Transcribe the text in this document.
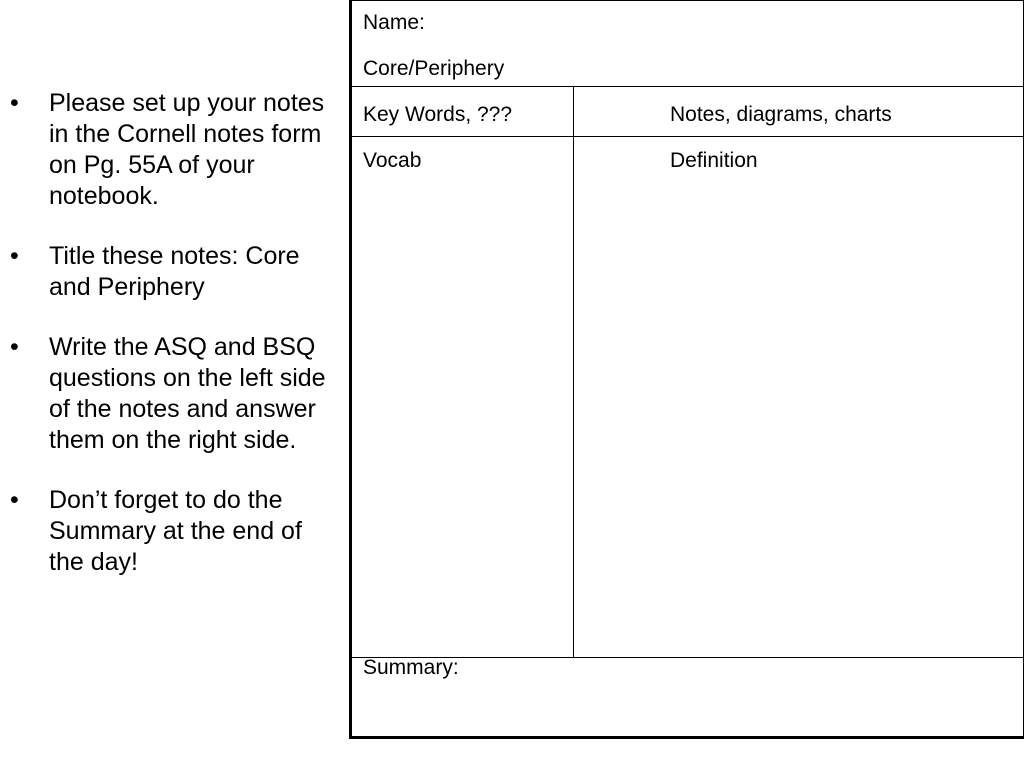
• Please set up your notes in the Cornell notes form on Pg. 55A of your notebook.
• Title these notes: Core and Periphery
• Write the ASQ and BSQ questions on the left side of the notes and answer them on the right side.
• Don’t forget to do the Summary at the end of the day!
Name:
Core/Periphery
Key Words, ???	Notes, diagrams, charts
Vocab	Definition
Summary:
